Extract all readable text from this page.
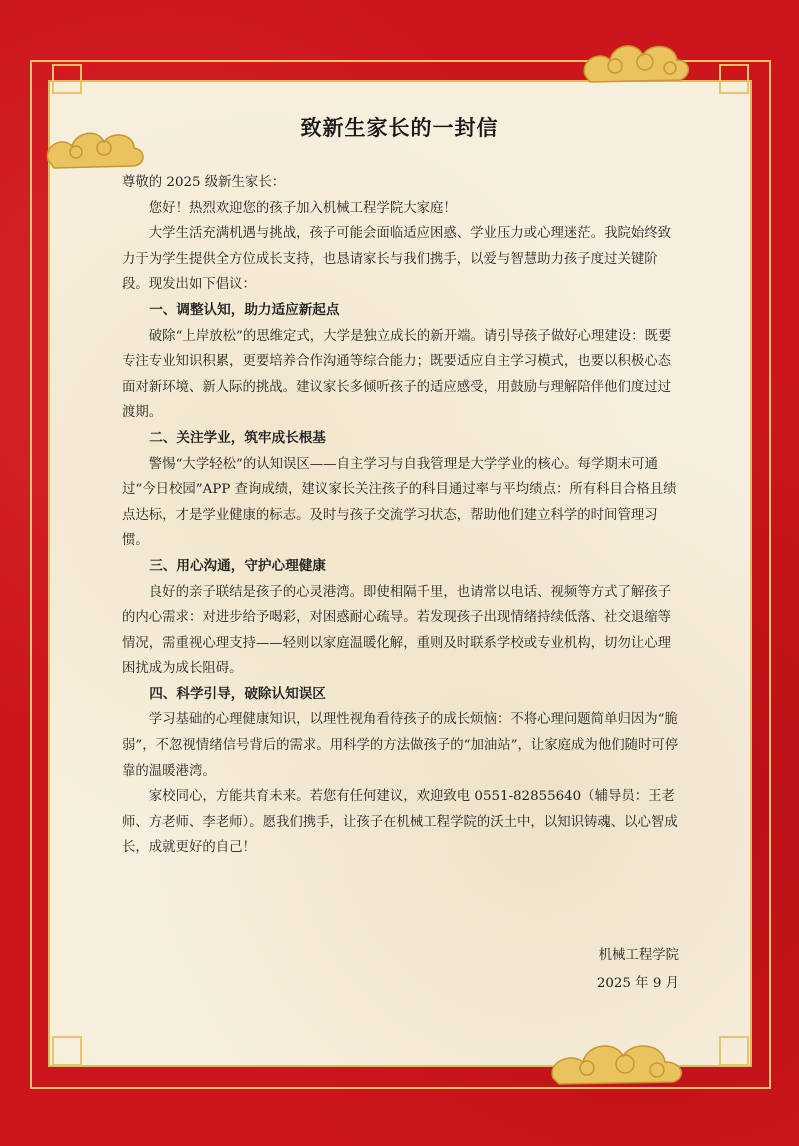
致新生家长的一封信

尊敬的 2025 级新生家长：

您好！热烈欢迎您的孩子加入机械工程学院大家庭！

大学生活充满机遇与挑战，孩子可能会面临适应困惑、学业压力或心理迷茫。我院始终致力于为学生提供全方位成长支持，也恳请家长与我们携手，以爱与智慧助力孩子度过关键阶段。现发出如下倡议：

一、调整认知，助力适应新起点

破除“上岸放松”的思维定式，大学是独立成长的新开端。请引导孩子做好心理建设：既要专注专业知识积累，更要培养合作沟通等综合能力；既要适应自主学习模式，也要以积极心态面对新环境、新人际的挑战。建议家长多倾听孩子的适应感受，用鼓励与理解陪伴他们度过过渡期。

二、关注学业，筑牢成长根基

警惕“大学轻松”的认知误区——自主学习与自我管理是大学学业的核心。每学期末可通过“今日校园”APP 查询成绩，建议家长关注孩子的科目通过率与平均绩点：所有科目合格且绩点达标，才是学业健康的标志。及时与孩子交流学习状态，帮助他们建立科学的时间管理习惯。

三、用心沟通，守护心理健康

良好的亲子联结是孩子的心灵港湾。即使相隔千里，也请常以电话、视频等方式了解孩子的内心需求：对进步给予喝彩，对困惑耐心疏导。若发现孩子出现情绪持续低落、社交退缩等情况，需重视心理支持——轻则以家庭温暖化解，重则及时联系学校或专业机构，切勿让心理困扰成为成长阻碍。

四、科学引导，破除认知误区

学习基础的心理健康知识，以理性视角看待孩子的成长烦恼：不将心理问题简单归因为“脆弱”，不忽视情绪信号背后的需求。用科学的方法做孩子的“加油站”，让家庭成为他们随时可停靠的温暖港湾。

家校同心，方能共育未来。若您有任何建议，欢迎致电 0551-82855640（辅导员：王老师、方老师、李老师）。愿我们携手，让孩子在机械工程学院的沃土中，以知识铸魂、以心智成长，成就更好的自己！

机械工程学院
2025 年 9 月
